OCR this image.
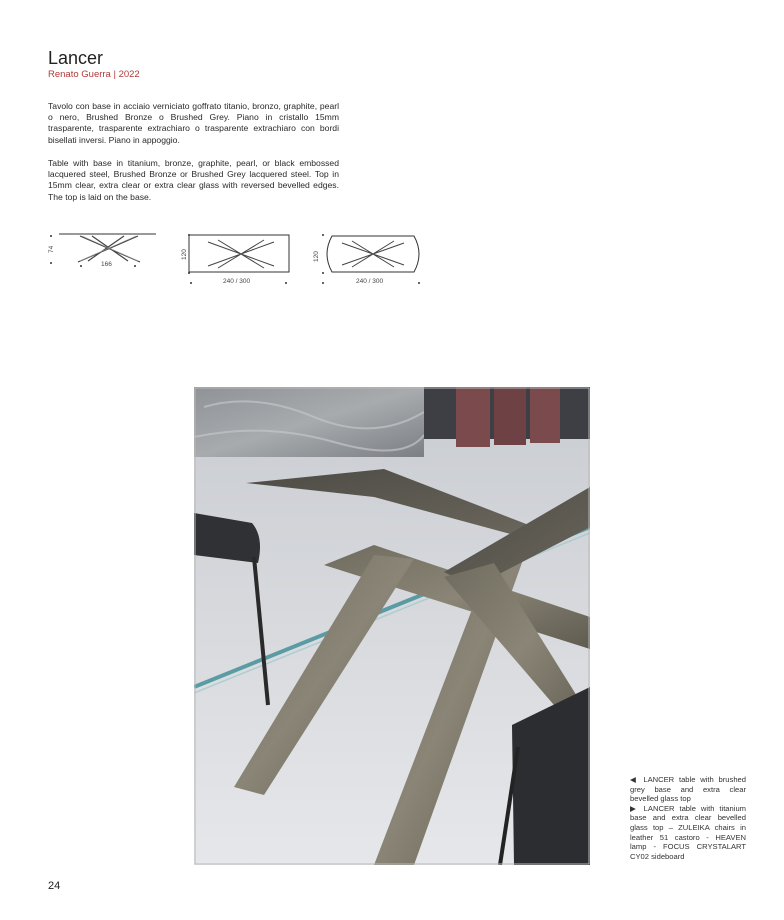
Lancer
Renato Guerra | 2022

Tavolo con base in acciaio verniciato goffrato titanio, bronzo, graphite, pearl o nero, Brushed Bronze o Brushed Grey. Piano in cristallo 15mm trasparente, trasparente extrachiaro o trasparente extrachiaro con bordi bisellati inversi. Piano in appoggio.

Table with base in titanium, bronze, graphite, pearl, or black embossed lacquered steel, Brushed Bronze or Brushed Grey lacquered steel. Top in 15mm clear, extra clear or extra clear glass with reversed bevelled edges. The top is laid on the base.

74
166
120
240 / 300
120
240 / 300

◀ LANCER table with brushed grey base and extra clear bevelled glass top

▶ LANCER table with titanium base and extra clear bevelled glass top – ZULEIKA chairs in leather 51 castoro - HEAVEN lamp - FOCUS CRYSTALART CY02 sideboard

24
